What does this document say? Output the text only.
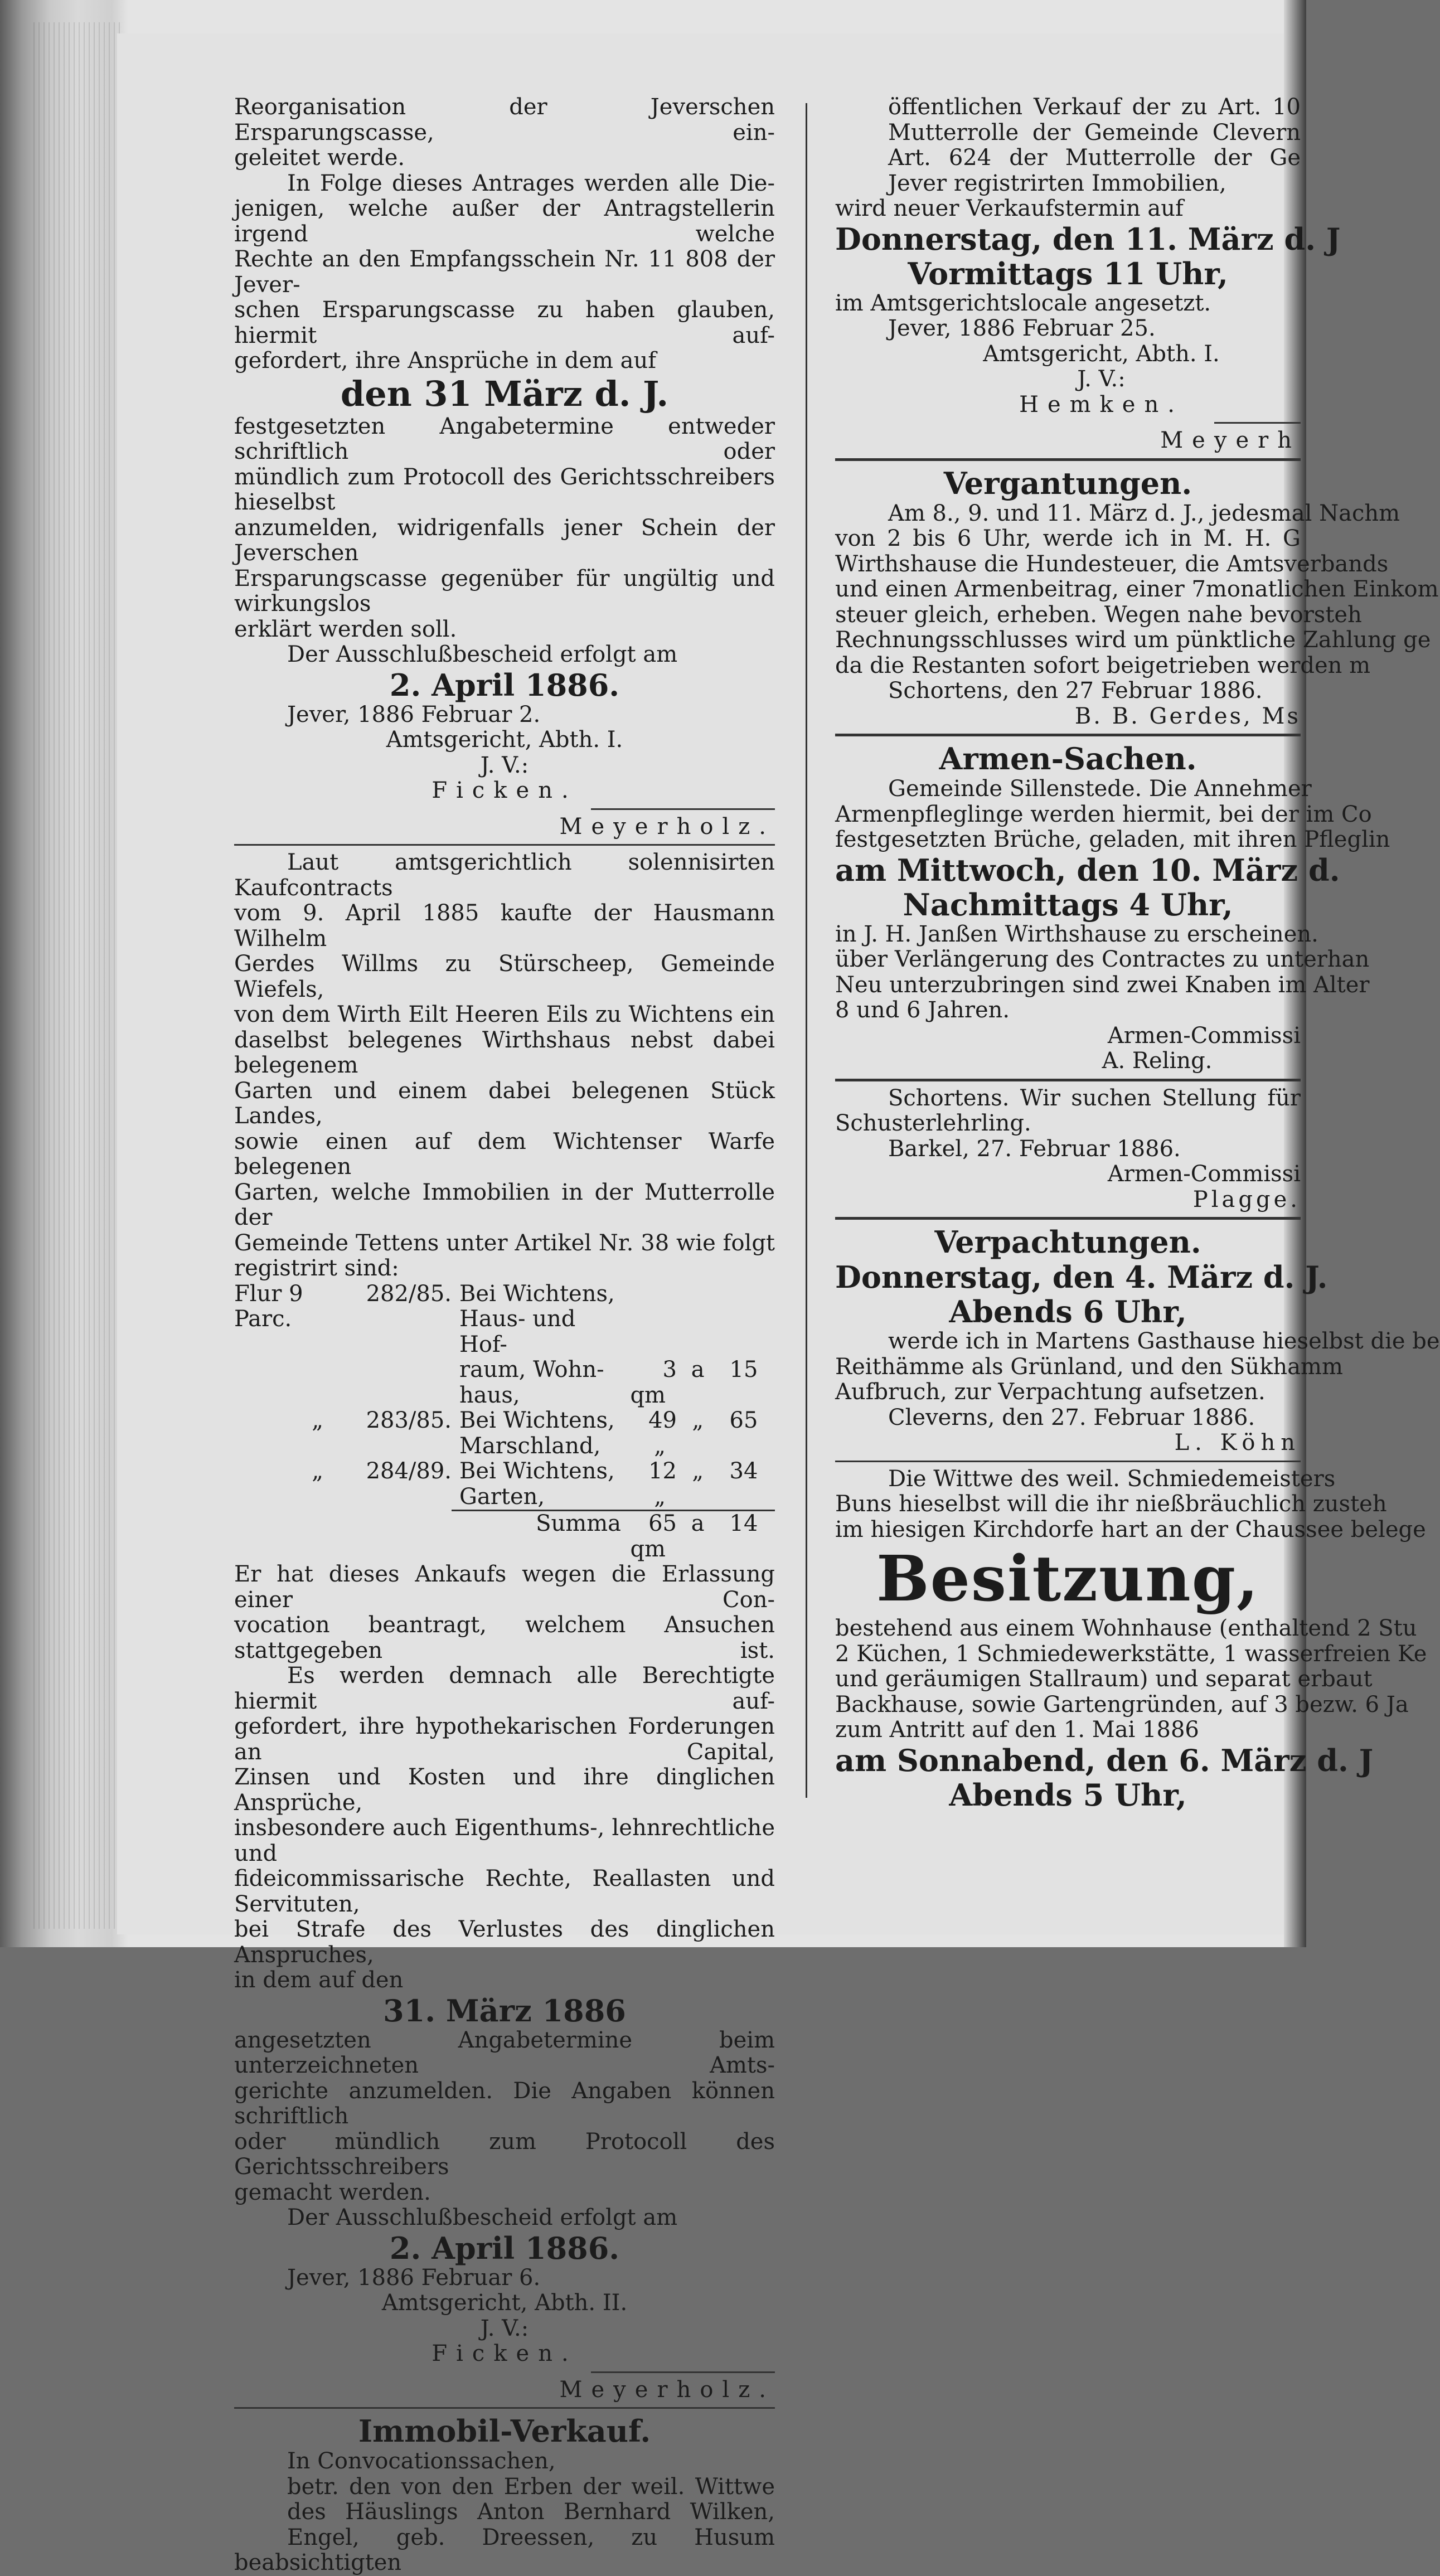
Reorganisation der Jeverschen Ersparungscasse, ein-

geleitet werde.

In Folge dieses Antrages werden alle Die-

jenigen, welche außer der Antragstellerin irgend welche

Rechte an den Empfangsschein Nr. 11 808 der Jever-

schen Ersparungscasse zu haben glauben, hiermit auf-

gefordert, ihre Ansprüche in dem auf

den 31 März d. J.

festgesetzten Angabetermine entweder schriftlich oder

mündlich zum Protocoll des Gerichtsschreibers hieselbst

anzumelden, widrigenfalls jener Schein der Jeverschen

Ersparungscasse gegenüber für ungültig und wirkungslos

erklärt werden soll.

Der Ausschlußbescheid erfolgt am

2. April 1886.

Jever, 1886 Februar 2.

Amtsgericht, Abth. I.

J. V.:

Ficken.

Meyerholz.

Laut amtsgerichtlich solennisirten Kaufcontracts

vom 9. April 1885 kaufte der Hausmann Wilhelm

Gerdes Willms zu Stürscheep, Gemeinde Wiefels,

von dem Wirth Eilt Heeren Eils zu Wichtens ein

daselbst belegenes Wirthshaus nebst dabei belegenem

Garten und einem dabei belegenen Stück Landes,

sowie einen auf dem Wichtenser Warfe belegenen

Garten, welche Immobilien in der Mutterrolle der

Gemeinde Tettens unter Artikel Nr. 38 wie folgt

registrirt sind:

Flur 9 Parc.	282/85.	Bei Wichtens,
Haus- und Hof-
raum, Wohn-
haus,	3 a 15 qm
„	283/85.	Bei Wichtens,
Marschland,	49 „ 65 „
„	284/89.	Bei Wichtens,
Garten,	12 „ 34 „
		Summa	65 a 14 qm

Er hat dieses Ankaufs wegen die Erlassung einer Con-

vocation beantragt, welchem Ansuchen stattgegeben ist.

Es werden demnach alle Berechtigte hiermit auf-

gefordert, ihre hypothekarischen Forderungen an Capital,

Zinsen und Kosten und ihre dinglichen Ansprüche,

insbesondere auch Eigenthums-, lehnrechtliche und

fideicommissarische Rechte, Reallasten und Servituten,

bei Strafe des Verlustes des dinglichen Anspruches,

in dem auf den

31. März 1886

angesetzten Angabetermine beim unterzeichneten Amts-

gerichte anzumelden. Die Angaben können schriftlich

oder mündlich zum Protocoll des Gerichtsschreibers

gemacht werden.

Der Ausschlußbescheid erfolgt am

2. April 1886.

Jever, 1886 Februar 6.

Amtsgericht, Abth. II.

J. V.:

Ficken.

Meyerholz.

Immobil-Verkauf.

In Convocationssachen,

betr. den von den Erben der weil. Wittwe

des Häuslings Anton Bernhard Wilken,

Engel, geb. Dreessen, zu Husum beabsichtigten

öffentlichen Verkauf der zu Art. 10

Mutterrolle der Gemeinde Clevern

Art. 624 der Mutterrolle der Ge

Jever registrirten Immobilien,

wird neuer Verkaufstermin auf

Donnerstag, den 11. März d. J

Vormittags 11 Uhr,

im Amtsgerichtslocale angesetzt.

Jever, 1886 Februar 25.

Amtsgericht, Abth. I.

J. V.:

Hemken.

Meyerh

Vergantungen.

Am 8., 9. und 11. März d. J., jedesmal Nachm

von 2 bis 6 Uhr, werde ich in M. H. G

Wirthshause die Hundesteuer, die Amtsverbands

und einen Armenbeitrag, einer 7monatlichen Einkom

steuer gleich, erheben. Wegen nahe bevorsteh

Rechnungsschlusses wird um pünktliche Zahlung ge

da die Restanten sofort beigetrieben werden m

Schortens, den 27 Februar 1886.

B. B. Gerdes, Ms

Armen-Sachen.

Gemeinde Sillenstede. Die Annehmer

Armenpfleglinge werden hiermit, bei der im Co

festgesetzten Brüche, geladen, mit ihren Pfleglin

am Mittwoch, den 10. März d.

Nachmittags 4 Uhr,

in J. H. Janßen Wirthshause zu erscheinen.

über Verlängerung des Contractes zu unterhan

Neu unterzubringen sind zwei Knaben im Alter

8 und 6 Jahren.

Armen-Commissi

A. Reling.

Schortens. Wir suchen Stellung für

Schusterlehrling.

Barkel, 27. Februar 1886.

Armen-Commissi

Plagge.

Verpachtungen.

Donnerstag, den 4. März d. J.

Abends 6 Uhr,

werde ich in Martens Gasthause hieselbst die be

Reithämme als Grünland, und den Sükhamm

Aufbruch, zur Verpachtung aufsetzen.

Cleverns, den 27. Februar 1886.

L. Köhn

Die Wittwe des weil. Schmiedemeisters

Buns hieselbst will die ihr nießbräuchlich zusteh

im hiesigen Kirchdorfe hart an der Chaussee belege

Besitzung,

bestehend aus einem Wohnhause (enthaltend 2 Stu

2 Küchen, 1 Schmiedewerkstätte, 1 wasserfreien Ke

und geräumigen Stallraum) und separat erbaut

Backhause, sowie Gartengründen, auf 3 bezw. 6 Ja

zum Antritt auf den 1. Mai 1886

am Sonnabend, den 6. März d. J

Abends 5 Uhr,
